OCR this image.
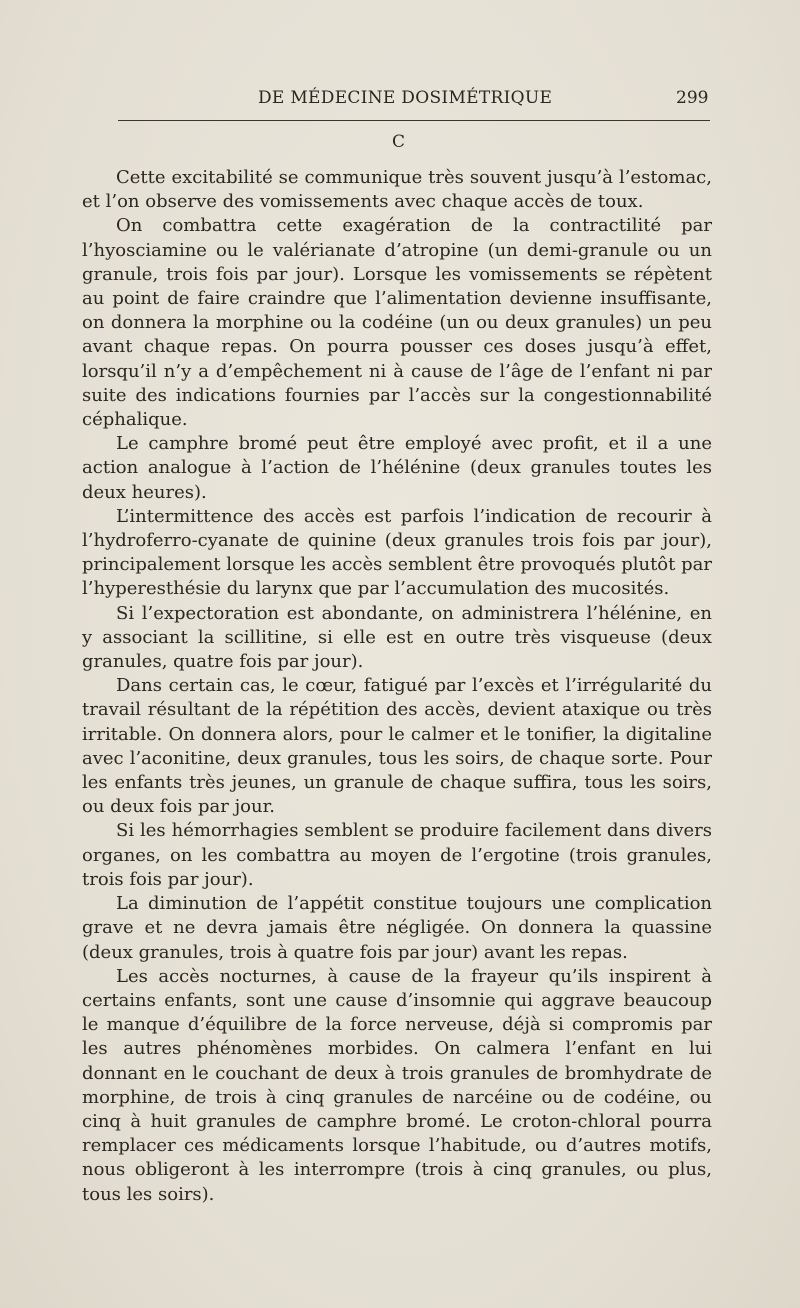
DE MÉDECINE DOSIMÉTRIQUE	299
C

Cette excitabilité se communique très souvent jusqu’à l’estomac, et l’on observe des vomissements avec chaque accès de toux.

On combattra cette exagération de la contractilité par l’hyosciamine ou le valérianate d’atropine (un demi-granule ou un granule, trois fois par jour). Lorsque les vomissements se répètent au point de faire craindre que l’alimentation devienne insuffisante, on donnera la morphine ou la codéine (un ou deux granules) un peu avant chaque repas. On pourra pousser ces doses jusqu’à effet, lorsqu’il n’y a d’empêchement ni à cause de l’âge de l’enfant ni par suite des indications fournies par l’accès sur la congestionnabilité céphalique.

Le camphre bromé peut être employé avec profit, et il a une action analogue à l’action de l’hélénine (deux granules toutes les deux heures).

L’intermittence des accès est parfois l’indication de recourir à l’hydroferro-cyanate de quinine (deux granules trois fois par jour), principalement lorsque les accès semblent être provoqués plutôt par l’hyperesthésie du larynx que par l’accumulation des mucosités.

Si l’expectoration est abondante, on administrera l’hélénine, en y associant la scillitine, si elle est en outre très visqueuse (deux granules, quatre fois par jour).

Dans certain cas, le cœur, fatigué par l’excès et l’irrégularité du travail résultant de la répétition des accès, devient ataxique ou très irritable. On donnera alors, pour le calmer et le tonifier, la digitaline avec l’aconitine, deux granules, tous les soirs, de chaque sorte. Pour les enfants très jeunes, un granule de chaque suffira, tous les soirs, ou deux fois par jour.

Si les hémorrhagies semblent se produire facilement dans divers organes, on les combattra au moyen de l’ergotine (trois granules, trois fois par jour).

La diminution de l’appétit constitue toujours une complication grave et ne devra jamais être négligée. On donnera la quassine (deux granules, trois à quatre fois par jour) avant les repas.

Les accès nocturnes, à cause de la frayeur qu’ils inspirent à certains enfants, sont une cause d’insomnie qui aggrave beaucoup le manque d’équilibre de la force nerveuse, déjà si compromis par les autres phénomènes morbides. On calmera l’enfant en lui donnant en le couchant de deux à trois granules de bromhydrate de morphine, de trois à cinq granules de narcéine ou de codéine, ou cinq à huit granules de camphre bromé. Le croton-chloral pourra remplacer ces médicaments lorsque l’habitude, ou d’autres motifs, nous obligeront à les interrompre (trois à cinq granules, ou plus, tous les soirs).
